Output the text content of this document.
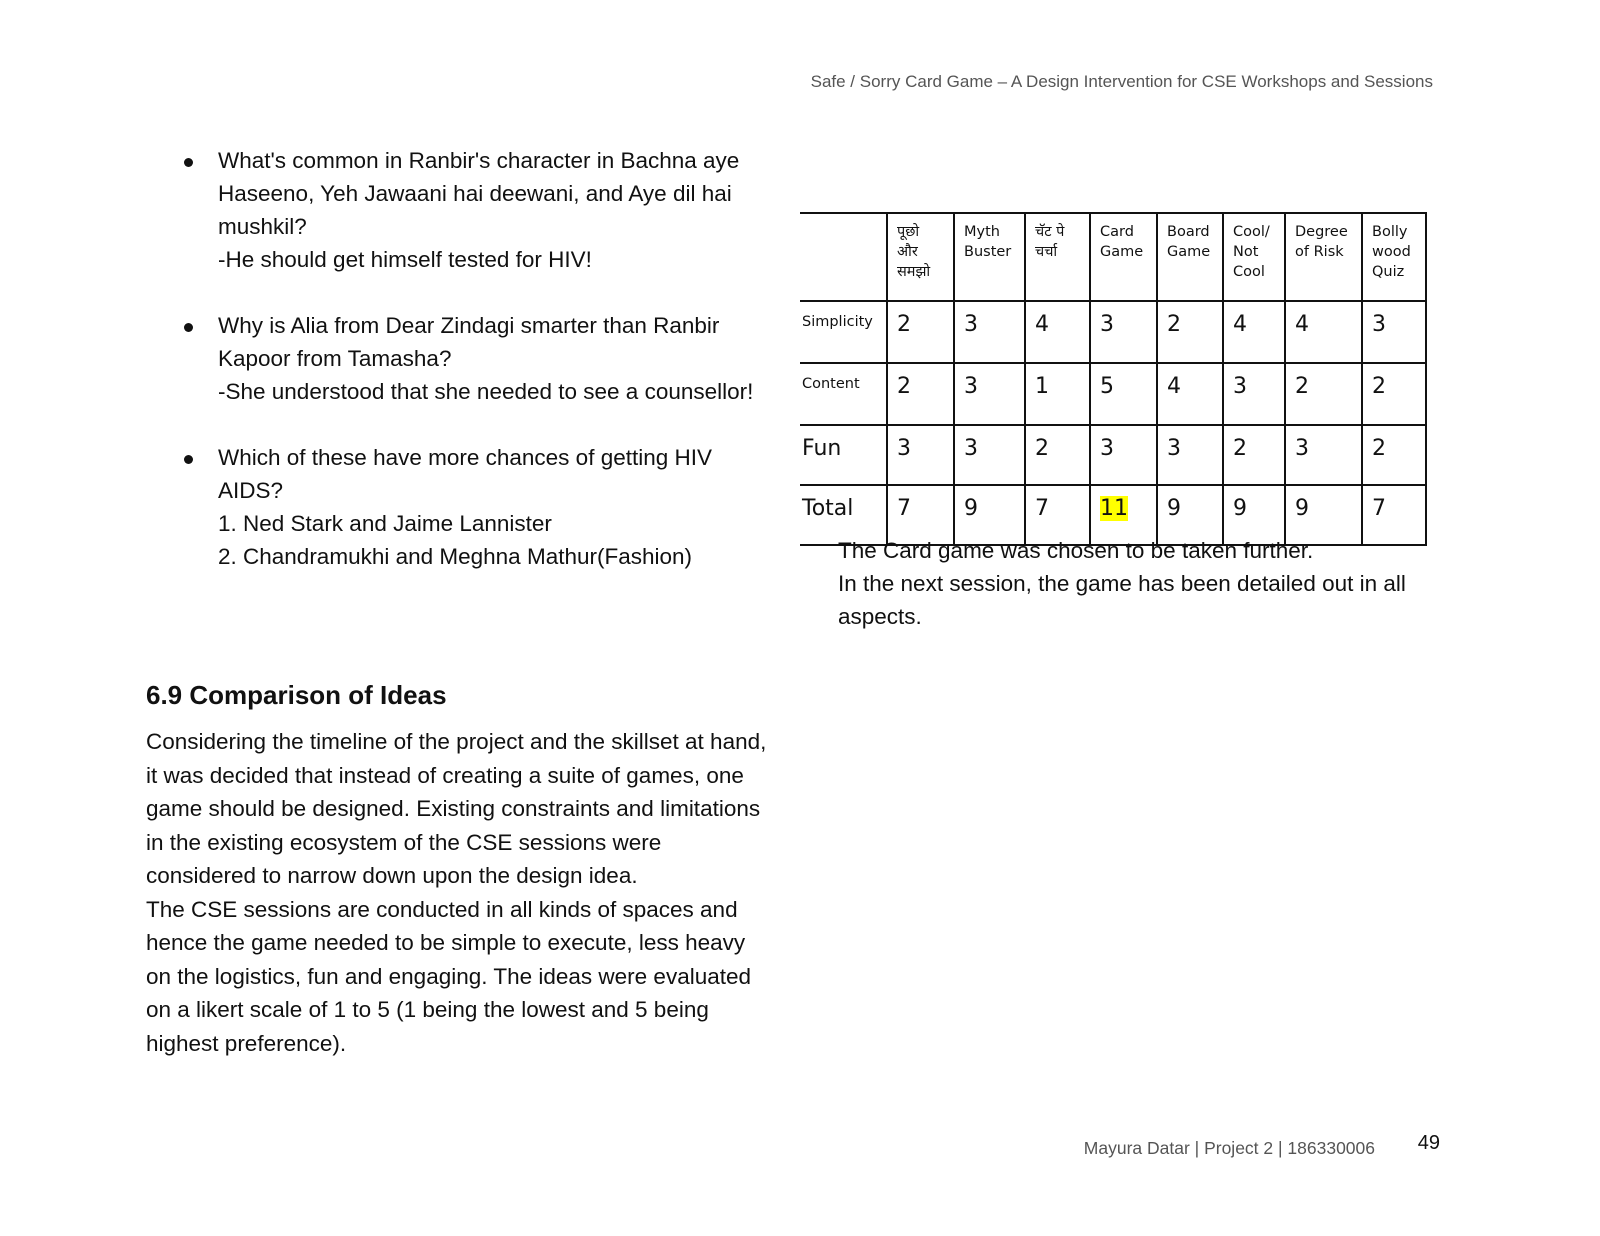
Safe / Sorry Card Game – A Design Intervention for CSE Workshops and Sessions

What's common in Ranbir's character in Bachna aye Haseeno, Yeh Jawaani hai deewani, and Aye dil hai mushkil?

-He should get himself tested for HIV!

Why is Alia from Dear Zindagi smarter than Ranbir Kapoor from Tamasha?

-She understood that she needed to see a counsellor!

Which of these have more chances of getting HIV AIDS?

1. Ned Stark and Jaime Lannister

2. Chandramukhi and Meghna Mathur(Fashion)

6.9 Comparison of Ideas

Considering the timeline of the project and the skillset at hand, it was decided that instead of creating a suite of games, one game should be designed. Existing constraints and limitations in the existing ecosystem of the CSE sessions were considered to narrow down upon the design idea.

The CSE sessions are conducted in all kinds of spaces and hence the game needed to be simple to execute, less heavy on the logistics, fun and engaging. The ideas were evaluated on a likert scale of 1 to 5 (1 being the lowest and 5 being highest preference).

	पूछो और समझो	Myth Buster	चॅट पे चर्चा	Card Game	Board Game	Cool/ Not Cool	Degree of Risk	Bolly wood Quiz
Simplicity	2	3	4	3	2	4	4	3
Content	2	3	1	5	4	3	2	2
Fun	3	3	2	3	3	2	3	2
Total	7	9	7	11	9	9	9	7

The Card game was chosen to be taken further.

In the next session, the game has been detailed out in all aspects.

Mayura Datar | Project 2 | 186330006 49
